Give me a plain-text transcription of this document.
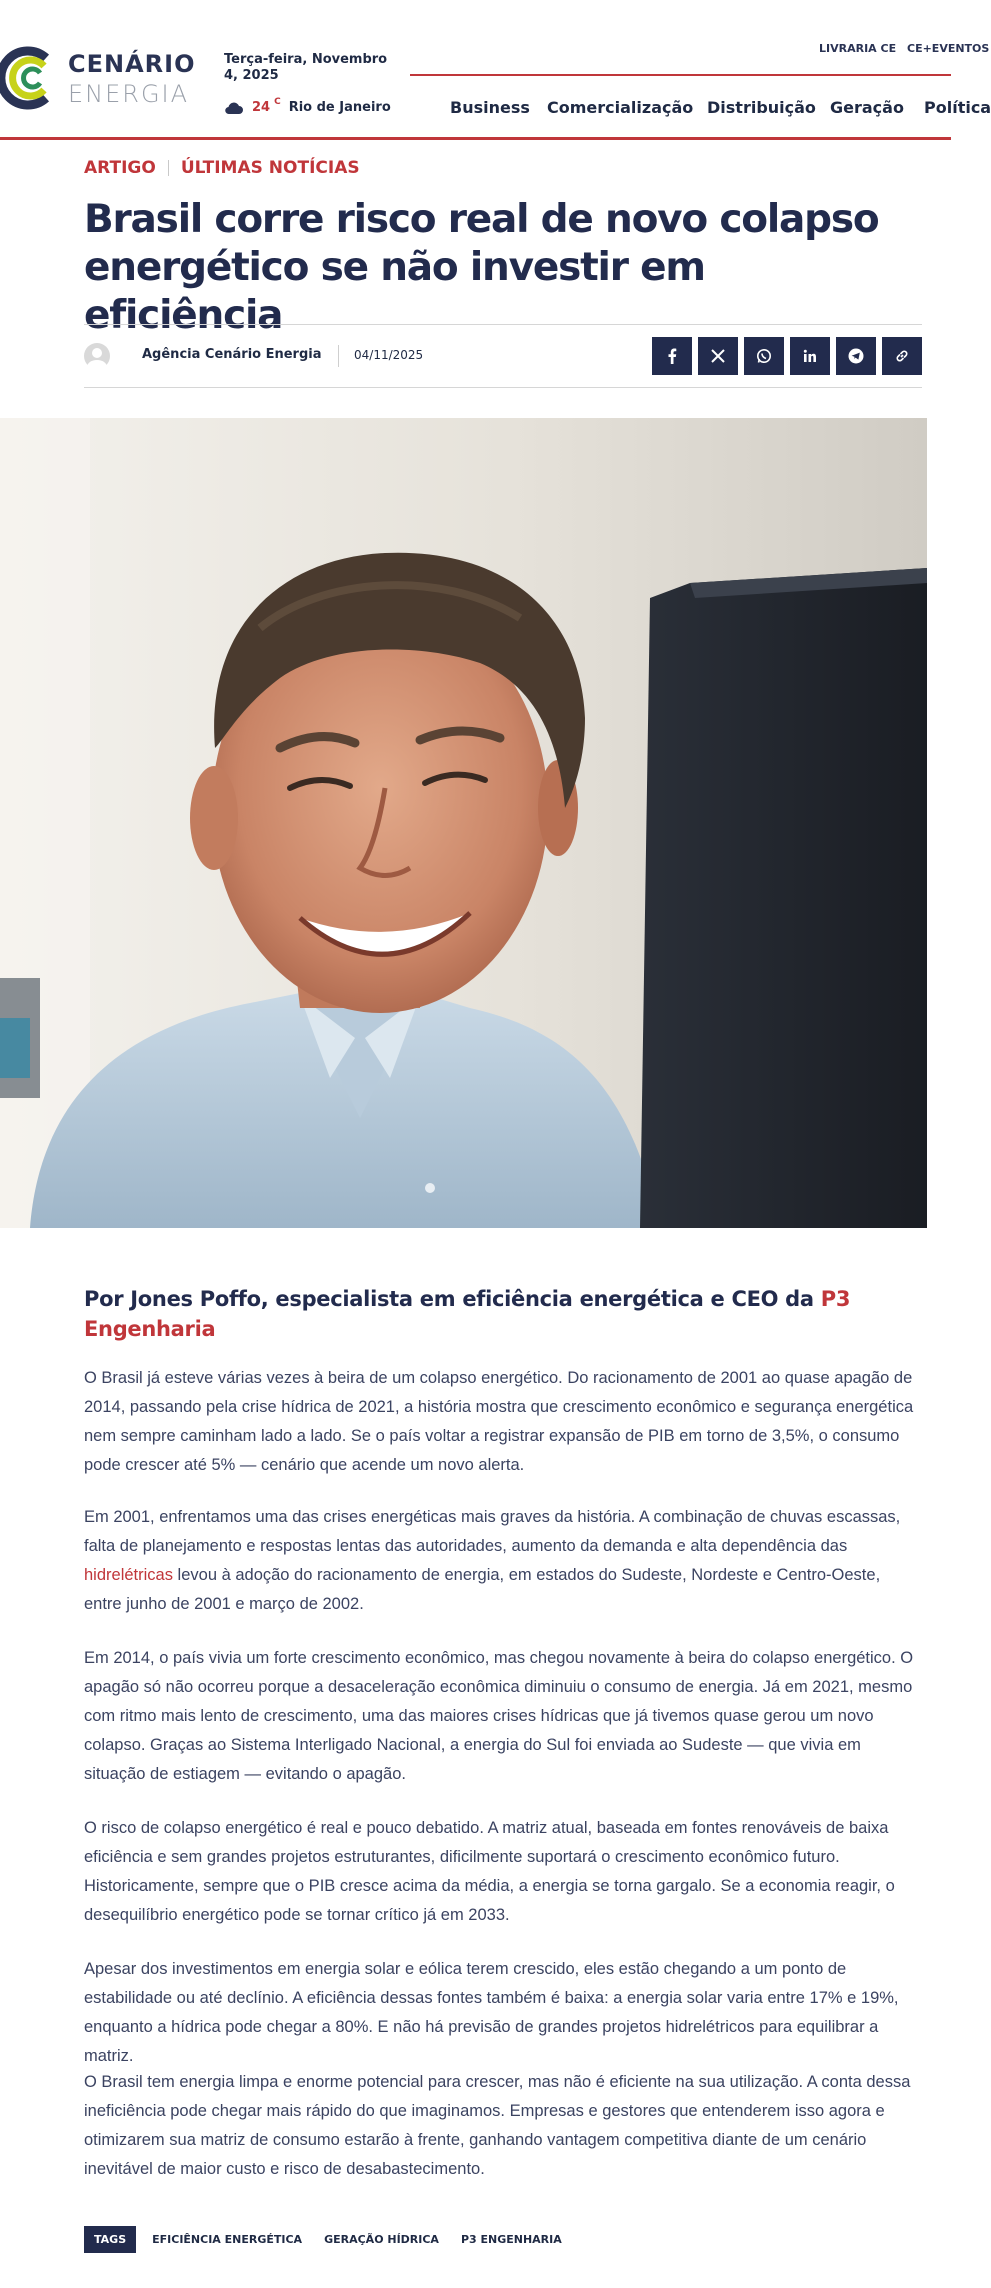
CENÁRIO
ENERGIA
Terça-feira, Novembro 4, 2025
24 C Rio de Janeiro
LIVRARIA CE CE+EVENTOS
Business Comercialização Distribuição Geração Política
ARTIGO ÚLTIMAS NOTÍCIAS
Brasil corre risco real de novo colapso energético se não investir em eficiência
Agência Cenário Energia	04/11/2025

Por Jones Poffo, especialista em eficiência energética e CEO da P3 Engenharia

O Brasil já esteve várias vezes à beira de um colapso energético. Do racionamento de 2001 ao quase apagão de 2014, passando pela crise hídrica de 2021, a história mostra que crescimento econômico e segurança energética nem sempre caminham lado a lado. Se o país voltar a registrar expansão de PIB em torno de 3,5%, o consumo pode crescer até 5% — cenário que acende um novo alerta.

Em 2001, enfrentamos uma das crises energéticas mais graves da história. A combinação de chuvas escassas, falta de planejamento e respostas lentas das autoridades, aumento da demanda e alta dependência das hidrelétricas levou à adoção do racionamento de energia, em estados do Sudeste, Nordeste e Centro-Oeste, entre junho de 2001 e março de 2002.

Em 2014, o país vivia um forte crescimento econômico, mas chegou novamente à beira do colapso energético. O apagão só não ocorreu porque a desaceleração econômica diminuiu o consumo de energia. Já em 2021, mesmo com ritmo mais lento de crescimento, uma das maiores crises hídricas que já tivemos quase gerou um novo colapso. Graças ao Sistema Interligado Nacional, a energia do Sul foi enviada ao Sudeste — que vivia em situação de estiagem — evitando o apagão.

O risco de colapso energético é real e pouco debatido. A matriz atual, baseada em fontes renováveis de baixa eficiência e sem grandes projetos estruturantes, dificilmente suportará o crescimento econômico futuro. Historicamente, sempre que o PIB cresce acima da média, a energia se torna gargalo. Se a economia reagir, o desequilíbrio energético pode se tornar crítico já em 2033.

Apesar dos investimentos em energia solar e eólica terem crescido, eles estão chegando a um ponto de estabilidade ou até declínio. A eficiência dessas fontes também é baixa: a energia solar varia entre 17% e 19%, enquanto a hídrica pode chegar a 80%. E não há previsão de grandes projetos hidrelétricos para equilibrar a matriz.

O Brasil tem energia limpa e enorme potencial para crescer, mas não é eficiente na sua utilização. A conta dessa ineficiência pode chegar mais rápido do que imaginamos. Empresas e gestores que entenderem isso agora e otimizarem sua matriz de consumo estarão à frente, ganhando vantagem competitiva diante de um cenário inevitável de maior custo e risco de desabastecimento.

TAGS	EFICIÊNCIA ENERGÉTICA	GERAÇÃO HÍDRICA	P3 ENGENHARIA
